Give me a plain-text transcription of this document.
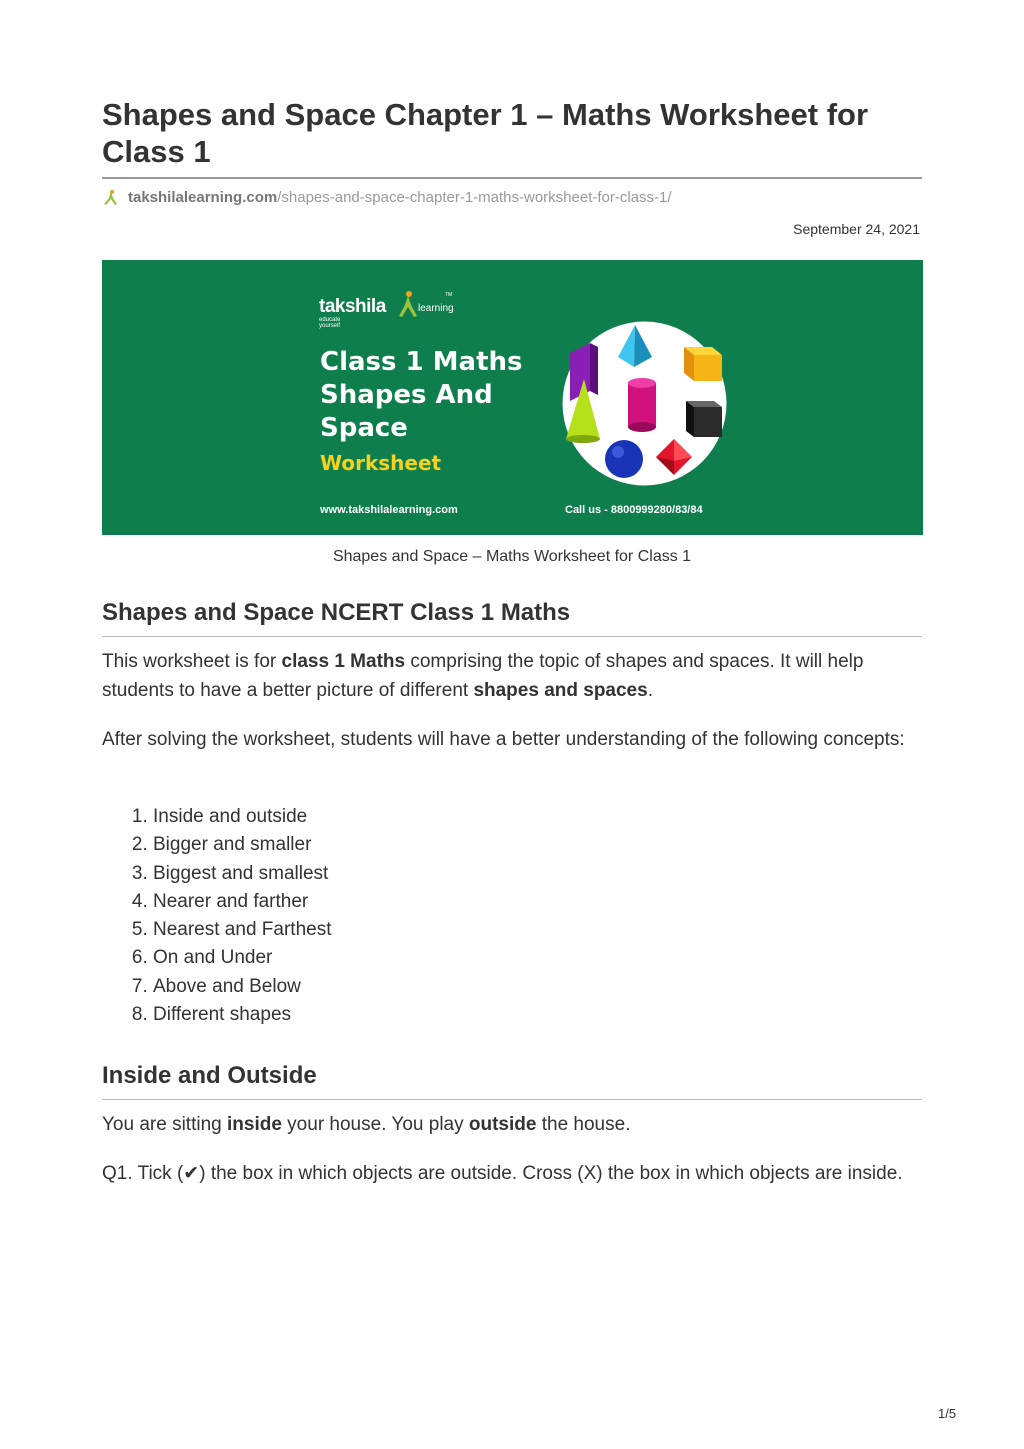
Shapes and Space Chapter 1 – Maths Worksheet for Class 1
takshilalearning.com /shapes-and-space-chapter-1-maths-worksheet-for-class-1/
September 24, 2021
takshila
educate yourself
learning
TM
Class 1 Maths
Shapes And
Space
Worksheet
www.takshilalearning.com	Call us - 8800999280/83/84
Shapes and Space – Maths Worksheet for Class 1
Shapes and Space NCERT Class 1 Maths

This worksheet is for class 1 Maths comprising the topic of shapes and spaces. It will help students to have a better picture of different shapes and spaces.

After solving the worksheet, students will have a better understanding of the following concepts:

1. Inside and outside
2. Bigger and smaller
3. Biggest and smallest
4. Nearer and farther
5. Nearest and Farthest
6. On and Under
7. Above and Below
8. Different shapes
Inside and Outside

You are sitting inside your house. You play outside the house.

Q1. Tick (✔) the box in which objects are outside. Cross (X) the box in which objects are inside.

1/5
